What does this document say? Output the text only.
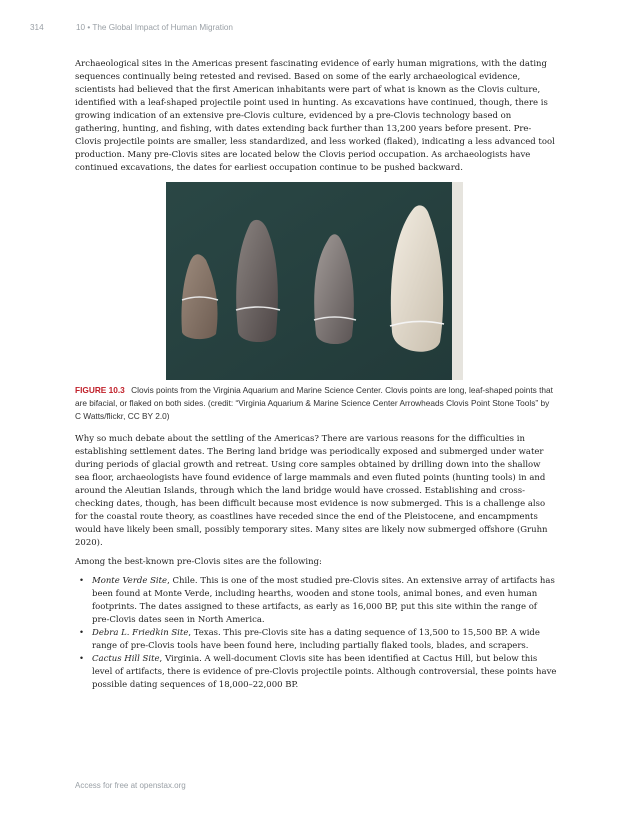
314	10 • The Global Impact of Human Migration
Archaeological sites in the Americas present fascinating evidence of early human migrations, with the dating sequences continually being retested and revised. Based on some of the early archaeological evidence, scientists had believed that the first American inhabitants were part of what is known as the Clovis culture, identified with a leaf-shaped projectile point used in hunting. As excavations have continued, though, there is growing indication of an extensive pre-Clovis culture, evidenced by a pre-Clovis technology based on gathering, hunting, and fishing, with dates extending back further than 13,200 years before present. Pre-Clovis projectile points are smaller, less standardized, and less worked (flaked), indicating a less advanced tool production. Many pre-Clovis sites are located below the Clovis period occupation. As archaeologists have continued excavations, the dates for earliest occupation continue to be pushed backward.
FIGURE 10.3 Clovis points from the Virginia Aquarium and Marine Science Center. Clovis points are long, leaf-shaped points that are bifacial, or flaked on both sides. (credit: “Virginia Aquarium & Marine Science Center Arrowheads Clovis Point Stone Tools” by C Watts/flickr, CC BY 2.0)
Why so much debate about the settling of the Americas? There are various reasons for the difficulties in establishing settlement dates. The Bering land bridge was periodically exposed and submerged under water during periods of glacial growth and retreat. Using core samples obtained by drilling down into the shallow sea floor, archaeologists have found evidence of large mammals and even fluted points (hunting tools) in and around the Aleutian Islands, through which the land bridge would have crossed. Establishing and cross-checking dates, though, has been difficult because most evidence is now submerged. This is a challenge also for the coastal route theory, as coastlines have receded since the end of the Pleistocene, and encampments would have likely been small, possibly temporary sites. Many sites are likely now submerged offshore (Gruhn 2020).
Among the best-known pre-Clovis sites are the following:
• Monte Verde Site, Chile. This is one of the most studied pre-Clovis sites. An extensive array of artifacts has been found at Monte Verde, including hearths, wooden and stone tools, animal bones, and even human footprints. The dates assigned to these artifacts, as early as 16,000 BP, put this site within the range of pre-Clovis dates seen in North America.
• Debra L. Friedkin Site, Texas. This pre-Clovis site has a dating sequence of 13,500 to 15,500 BP. A wide range of pre-Clovis tools have been found here, including partially flaked tools, blades, and scrapers.
• Cactus Hill Site, Virginia. A well-document Clovis site has been identified at Cactus Hill, but below this level of artifacts, there is evidence of pre-Clovis projectile points. Although controversial, these points have possible dating sequences of 18,000–22,000 BP.
Access for free at openstax.org
